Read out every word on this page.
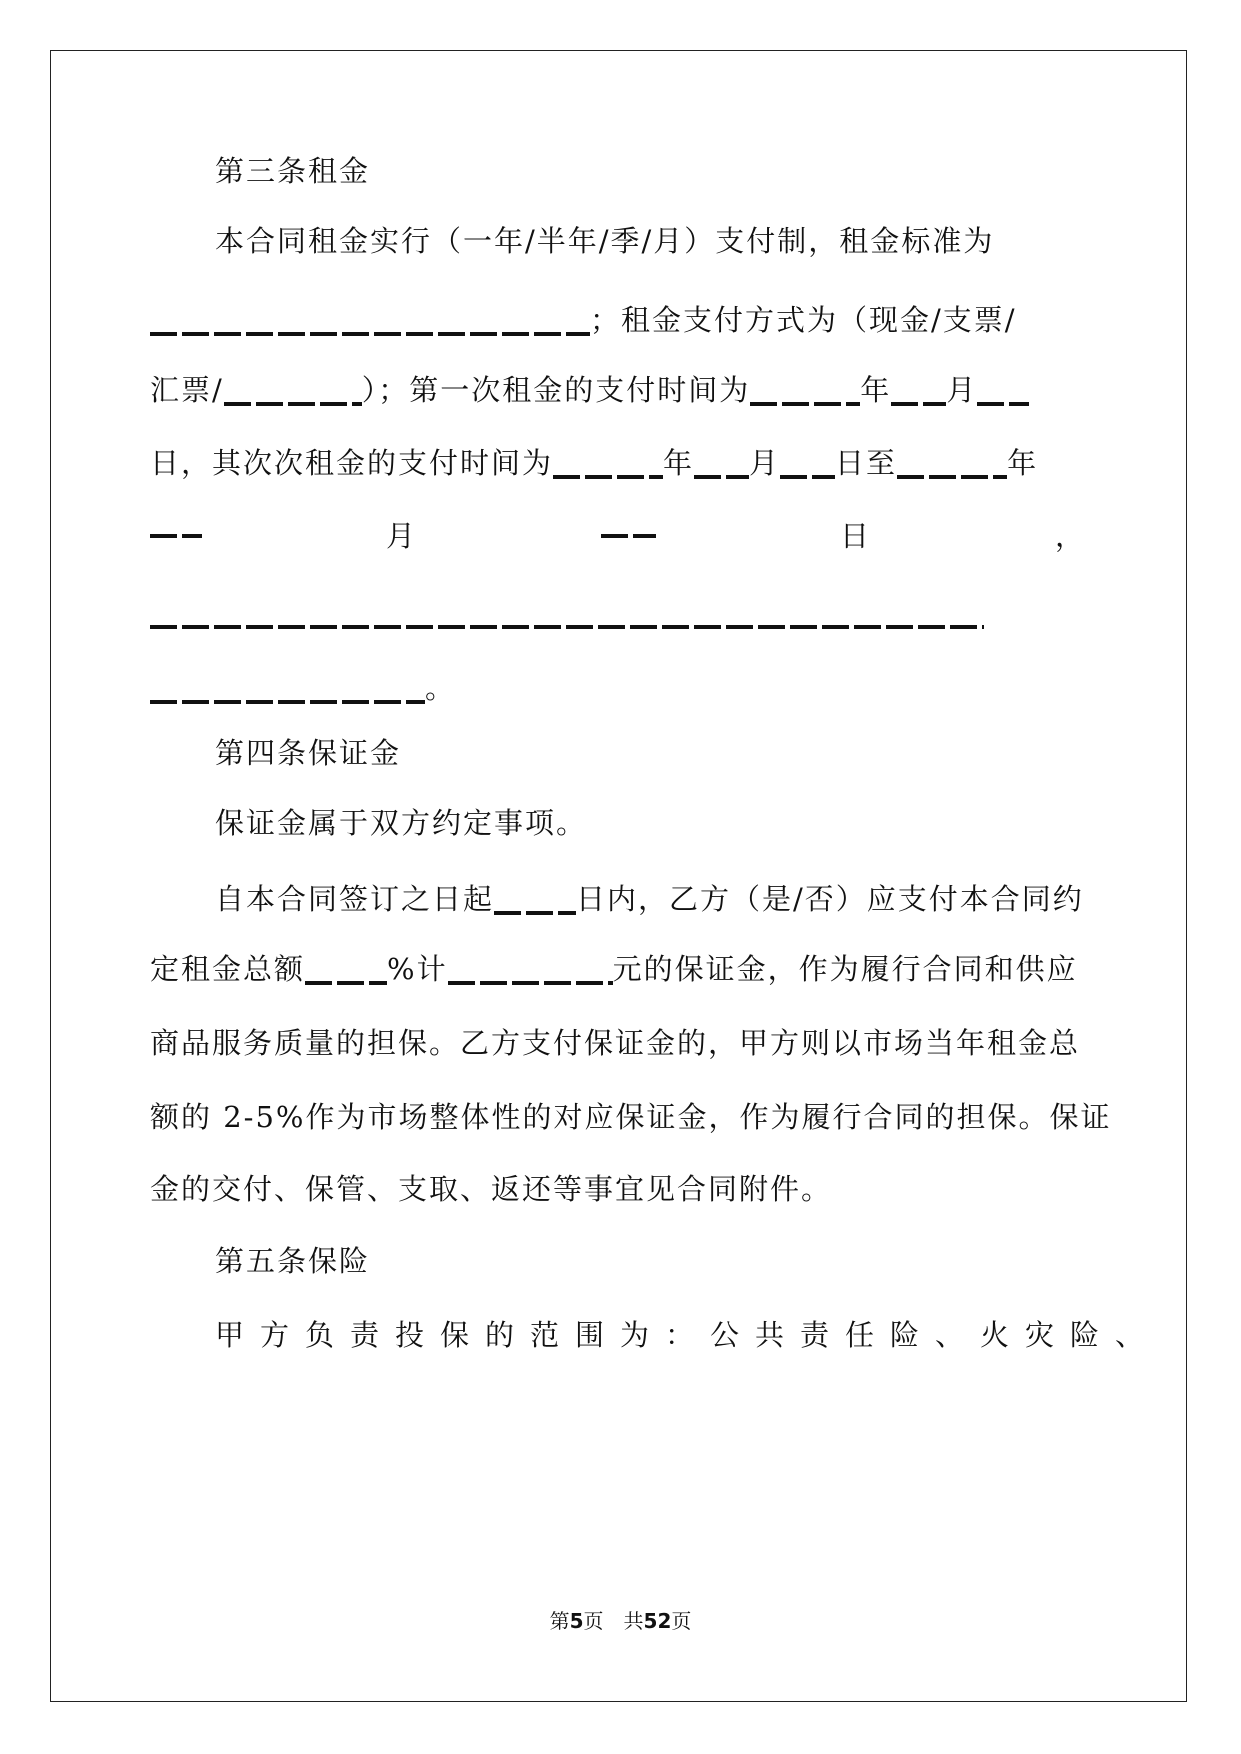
第三条租金
本合同租金实行（一年/半年/季/月）支付制，租金标准为
；租金支付方式为（现金/支票/
汇票/	）；第一次租金的支付时间为	年 月
日，其次次租金的支付时间为	年 月 日至	年
月	日	，
。
第四条保证金
保证金属于双方约定事项。
自本合同签订之日起	日内，乙方（是/否）应支付本合同约
定租金总额	%计	元的保证金，作为履行合同和供应
商品服务质量的担保。乙方支付保证金的，甲方则以市场当年租金总
额的 2-5%作为市场整体性的对应保证金，作为履行合同的担保。保证
金的交付、保管、支取、返还等事宜见合同附件。
第五条保险
甲方负责投保的范围为：公共责任险、火灾险、
第5页　共52页
